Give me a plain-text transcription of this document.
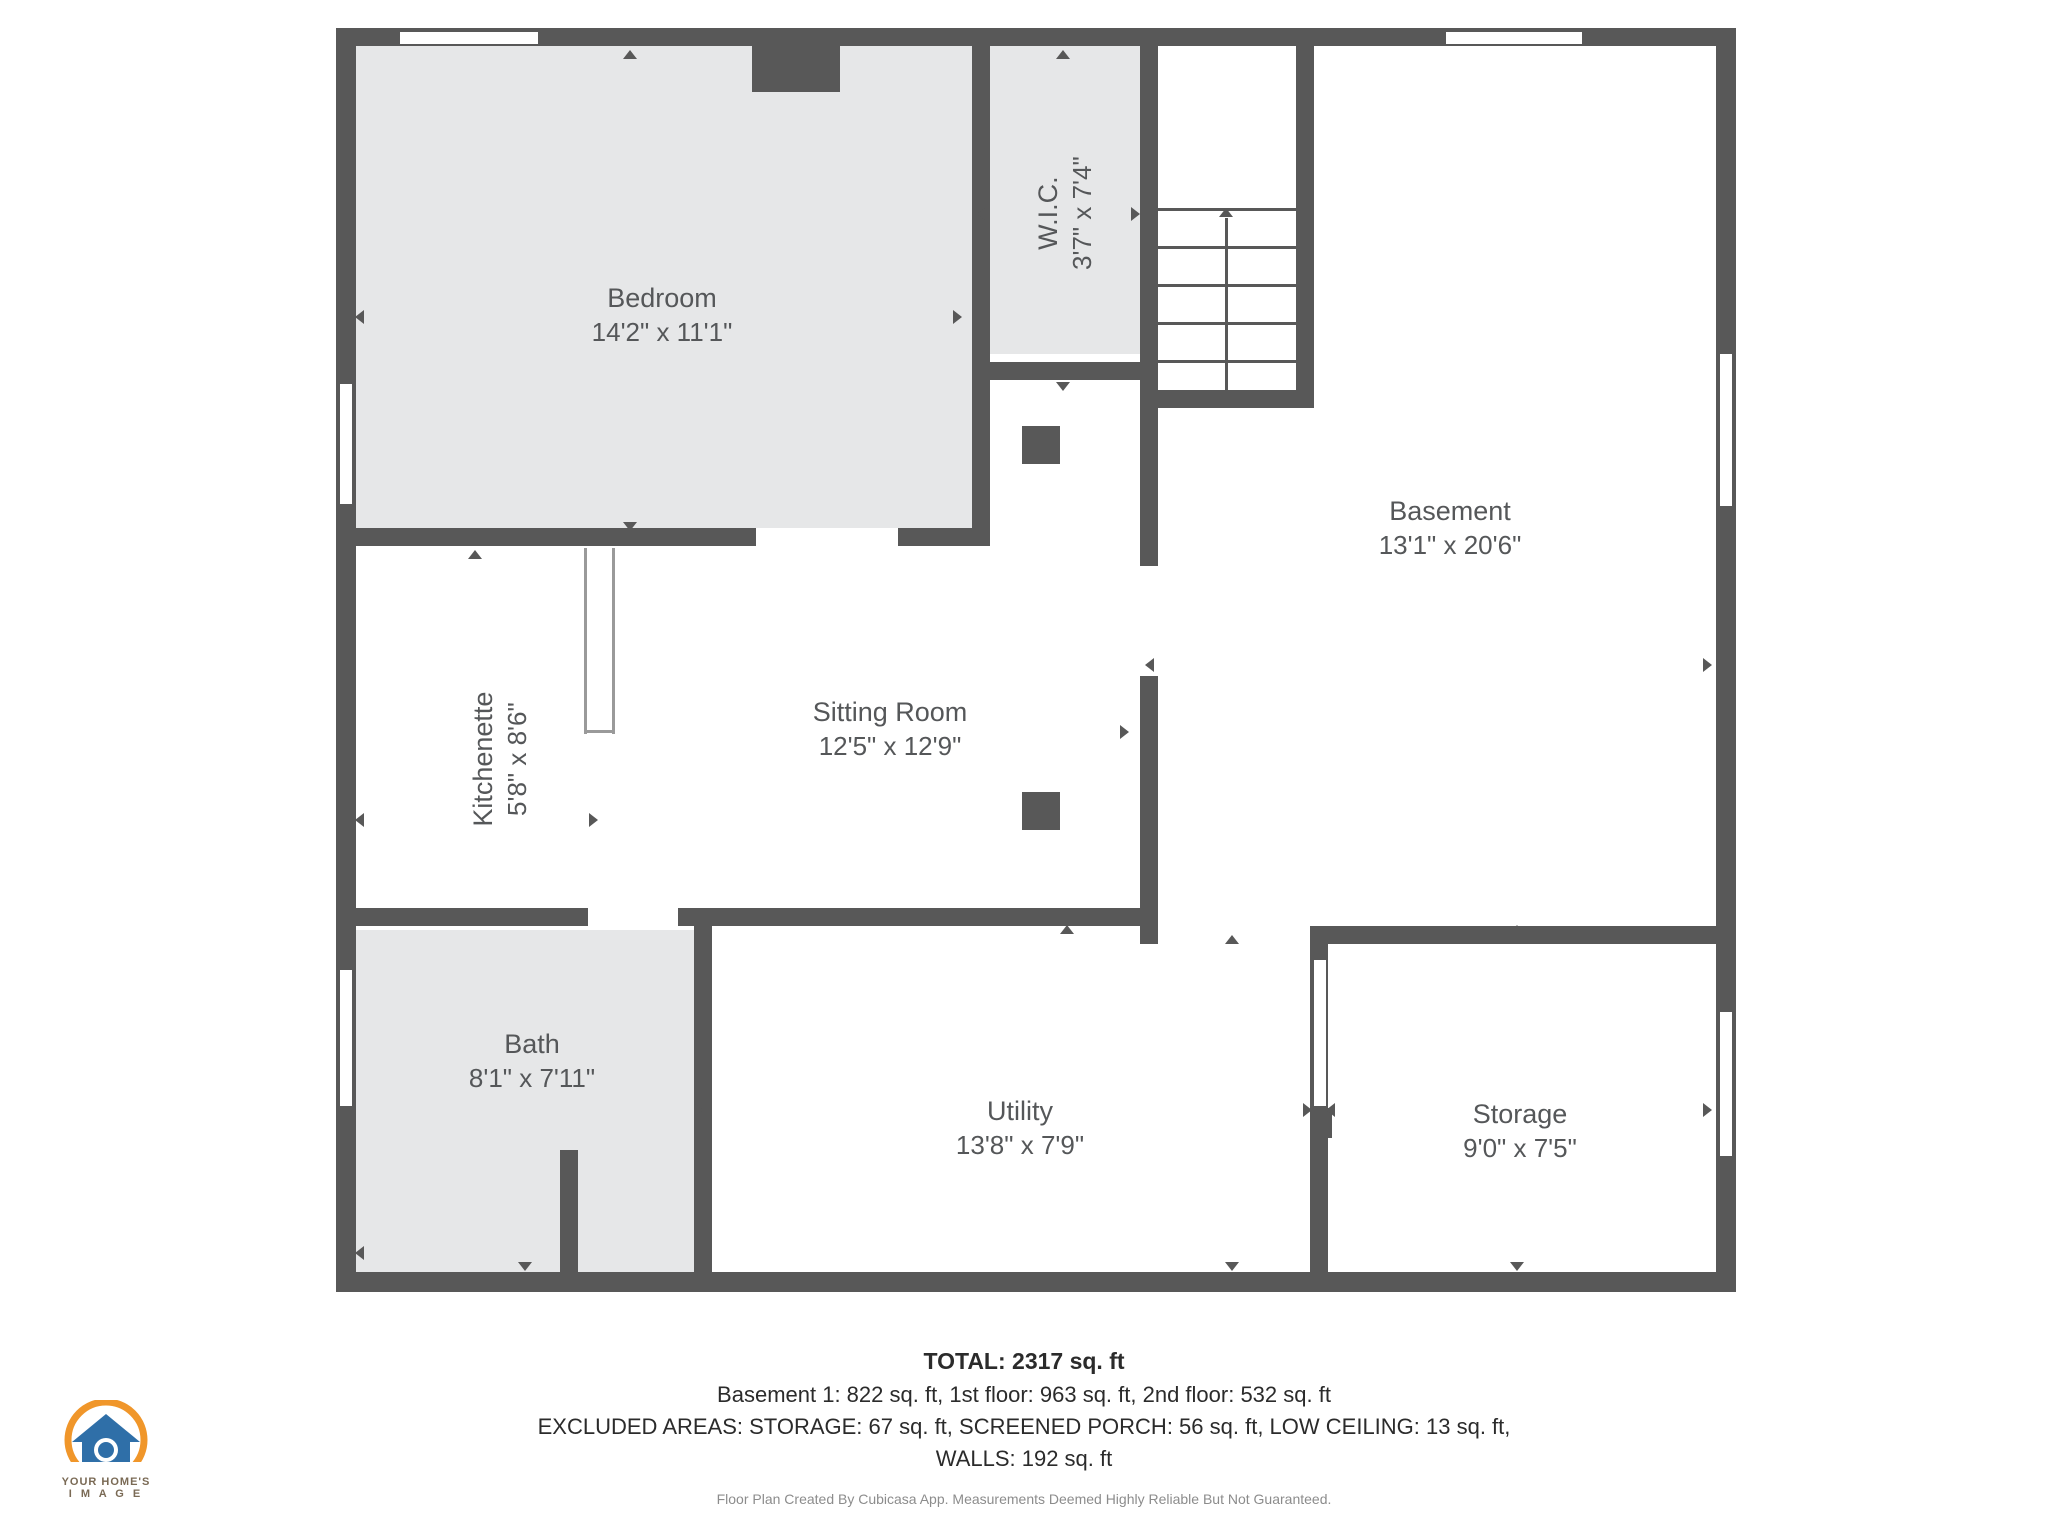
Bedroom
14'2" x 11'1"
W.I.C. 3'7" x 7'4"
Basement
13'1" x 20'6"
Kitchenette 5'8" x 8'6"	Sitting Room
12'5" x 12'9"
Bath
8'1" x 7'11"
Utility
13'8" x 7'9"
Storage
9'0" x 7'5"
TOTAL: 2317 sq. ft
Basement 1: 822 sq. ft, 1st floor: 963 sq. ft, 2nd floor: 532 sq. ft
EXCLUDED AREAS: STORAGE: 67 sq. ft, SCREENED PORCH: 56 sq. ft, LOW CEILING: 13 sq. ft,
WALLS: 192 sq. ft
Floor Plan Created By Cubicasa App. Measurements Deemed Highly Reliable But Not Guaranteed.
YOUR HOME'S
I M A G E
